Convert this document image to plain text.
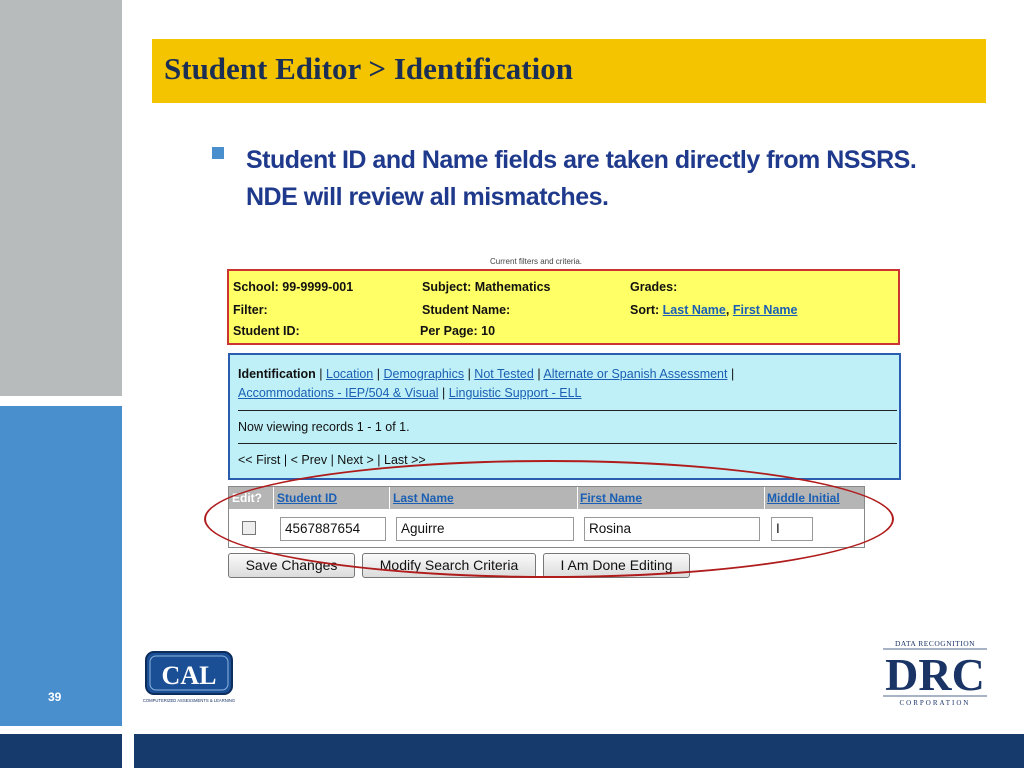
39
Student Editor > Identification
Student ID and Name fields are taken directly from NSSRS. NDE will review all mismatches.
Current filters and criteria.
School: 99-9999-001	Subject: Mathematics	Grades:
Filter:	Student Name:	Sort: Last Name, First Name
Student ID:	Per Page: 10
Identification | Location | Demographics | Not Tested | Alternate or Spanish Assessment |
Accommodations - IEP/504 & Visual | Linguistic Support - ELL
Now viewing records 1 - 1 of 1.
<< First | < Prev | Next > | Last >>
Edit? Student ID	Last Name	First Name	Middle Initial
4567887654	Aguirre	Rosina	I
Save Changes	Modify Search Criteria	I Am Done Editing
CAL
COMPUTERIZED ASSESSMENTS & LEARNING
DATA RECOGNITION
DRC
CORPORATION
